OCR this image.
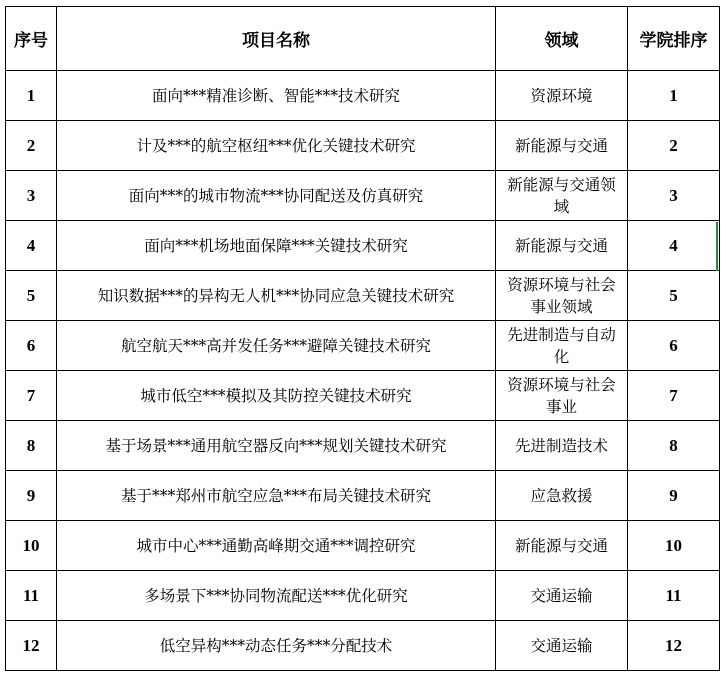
序号	项目名称	领域	学院排序
1	面向***精准诊断、智能***技术研究	资源环境	1
2	计及***的航空枢纽***优化关键技术研究	新能源与交通	2
3	面向***的城市物流***协同配送及仿真研究	新能源与交通领域	3
4	面向***机场地面保障***关键技术研究	新能源与交通	4
5	知识数据***的异构无人机***协同应急关键技术研究	资源环境与社会事业领域	5
6	航空航天***高并发任务***避障关键技术研究	先进制造与自动化	6
7	城市低空***模拟及其防控关键技术研究	资源环境与社会事业	7
8	基于场景***通用航空器反向***规划关键技术研究	先进制造技术	8
9	基于***郑州市航空应急***布局关键技术研究	应急救援	9
10	城市中心***通勤高峰期交通***调控研究	新能源与交通	10
11	多场景下***协同物流配送***优化研究	交通运输	11
12	低空异构***动态任务***分配技术	交通运输	12
